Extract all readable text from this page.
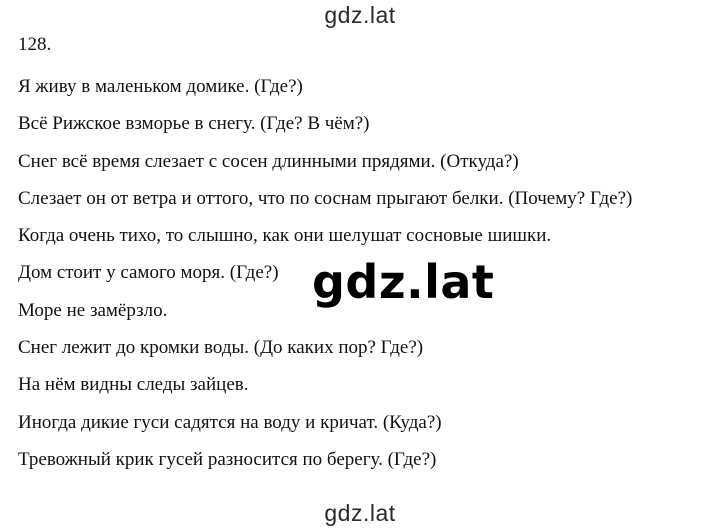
gdz.lat
128.
Я живу в маленьком домике. (Где?)
Всё Рижское взморье в снегу. (Где? В чём?)
Снег всё время слезает с сосен длинными прядями. (Откуда?)
Слезает он от ветра и оттого, что по соснам прыгают белки. (Почему? Где?)
Когда очень тихо, то слышно, как они шелушат сосновые шишки.
Дом стоит у самого моря. (Где?)
Море не замёрзло.
Снег лежит до кромки воды. (До каких пор? Где?)
На нём видны следы зайцев.
Иногда дикие гуси садятся на воду и кричат. (Куда?)
Тревожный крик гусей разносится по берегу. (Где?)
gdz.lat
gdz.lat
